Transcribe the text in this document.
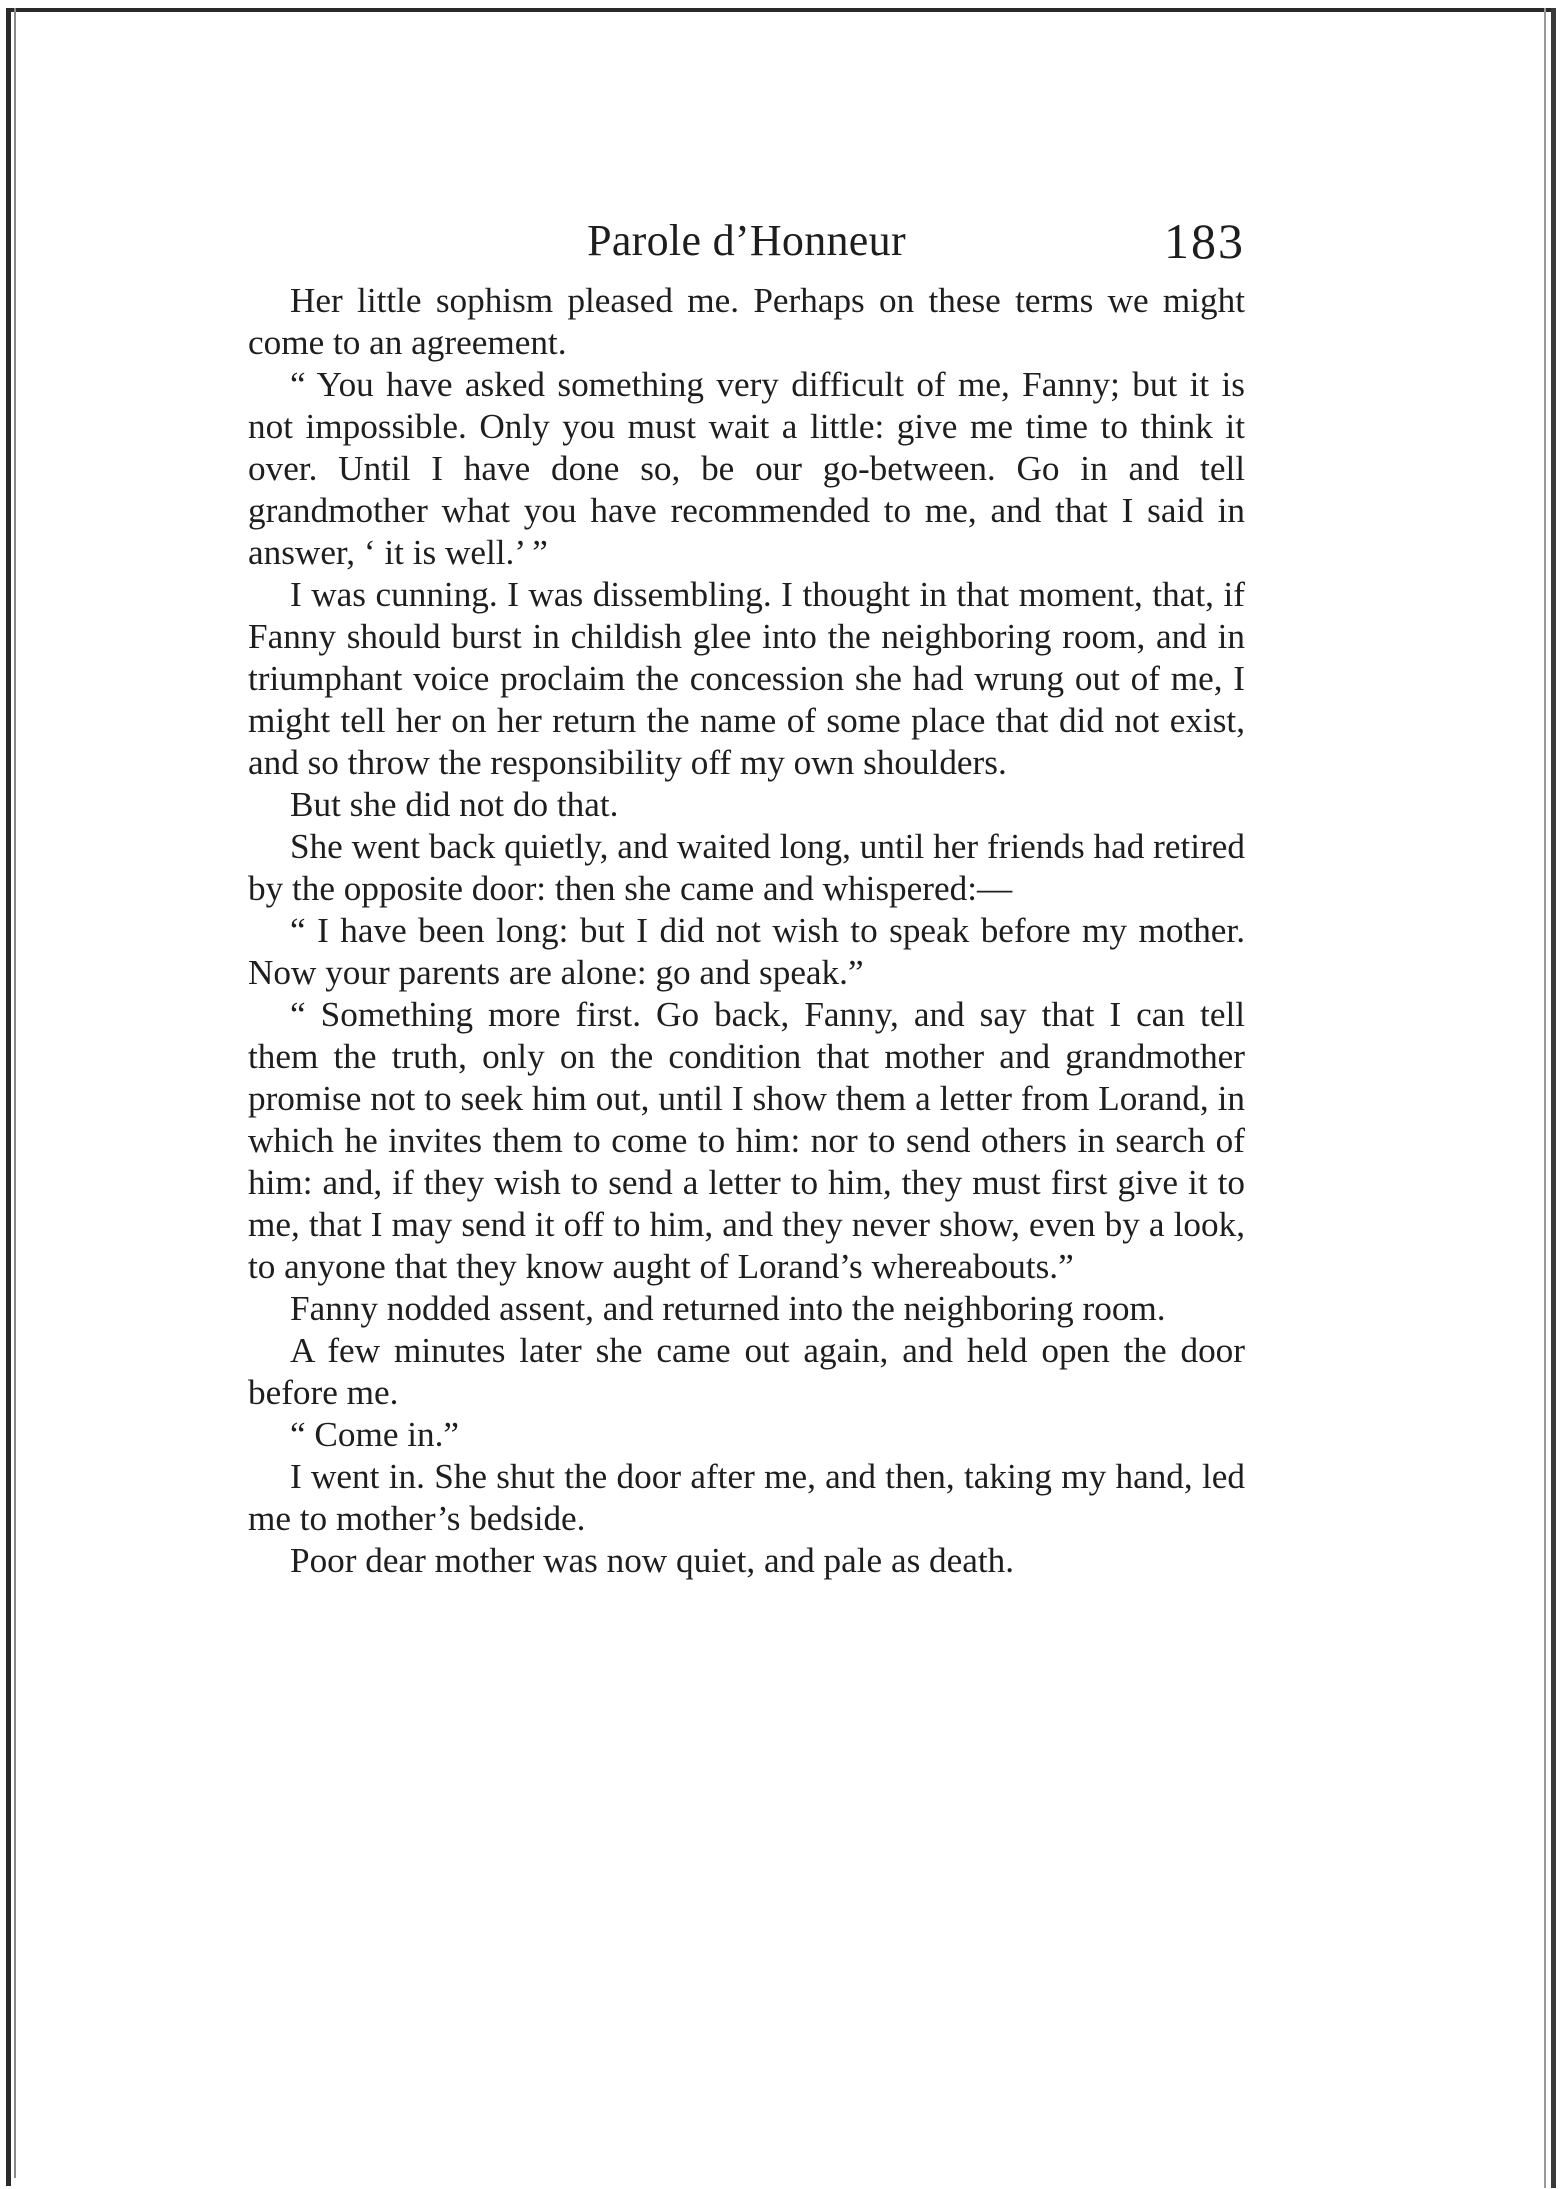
Parole d’Honneur	183

Her little sophism pleased me. Perhaps on these terms we might come to an agreement.

“ You have asked something very difficult of me, Fanny; but it is not impossible. Only you must wait a little: give me time to think it over. Until I have done so, be our go-between. Go in and tell grandmother what you have recommended to me, and that I said in answer, ‘ it is well.’ ”

I was cunning. I was dissembling. I thought in that moment, that, if Fanny should burst in childish glee into the neighboring room, and in triumphant voice proclaim the concession she had wrung out of me, I might tell her on her return the name of some place that did not exist, and so throw the responsibility off my own shoulders.

But she did not do that.

She went back quietly, and waited long, until her friends had retired by the opposite door: then she came and whispered:—

“ I have been long: but I did not wish to speak before my mother. Now your parents are alone: go and speak.”

“ Something more first. Go back, Fanny, and say that I can tell them the truth, only on the condition that mother and grandmother promise not to seek him out, until I show them a letter from Lorand, in which he invites them to come to him: nor to send others in search of him: and, if they wish to send a letter to him, they must first give it to me, that I may send it off to him, and they never show, even by a look, to anyone that they know aught of Lorand’s whereabouts.”

Fanny nodded assent, and returned into the neighboring room.

A few minutes later she came out again, and held open the door before me.

“ Come in.”

I went in. She shut the door after me, and then, taking my hand, led me to mother’s bedside.

Poor dear mother was now quiet, and pale as death.
